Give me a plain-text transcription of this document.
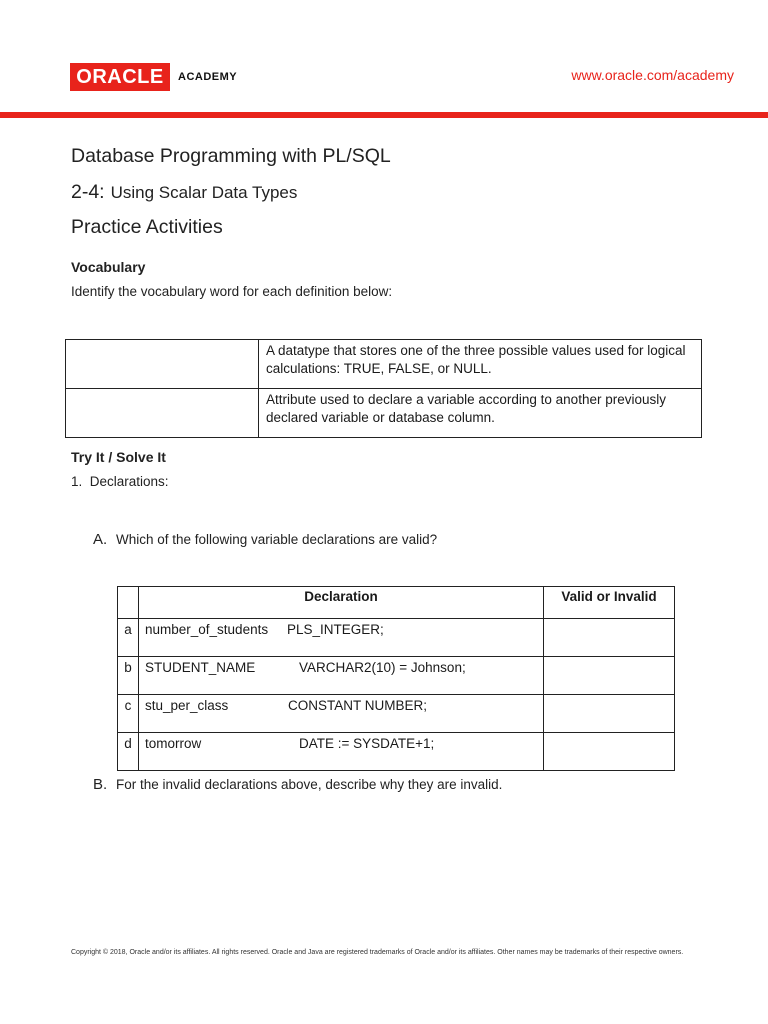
ORACLE ACADEMY	www.oracle.com/academy
Database Programming with PL/SQL
2-4: Using Scalar Data Types
Practice Activities
Vocabulary
Identify the vocabulary word for each definition below:
	A datatype that stores one of the three possible values used for logical calculations: TRUE, FALSE, or NULL.
	Attribute used to declare a variable according to another previously declared variable or database column.
Try It / Solve It
1.  Declarations:
A. Which of the following variable declarations are valid?
	Declaration	Valid or Invalid
a	number_of_students PLS_INTEGER;	
b	STUDENT_NAME VARCHAR2(10) = Johnson;	
c	stu_per_class CONSTANT NUMBER;	
d	tomorrow DATE := SYSDATE+1;	
B. For the invalid declarations above, describe why they are invalid.
Copyright © 2018, Oracle and/or its affiliates. All rights reserved. Oracle and Java are registered trademarks of Oracle and/or its affiliates. Other names may be trademarks of their respective owners.
